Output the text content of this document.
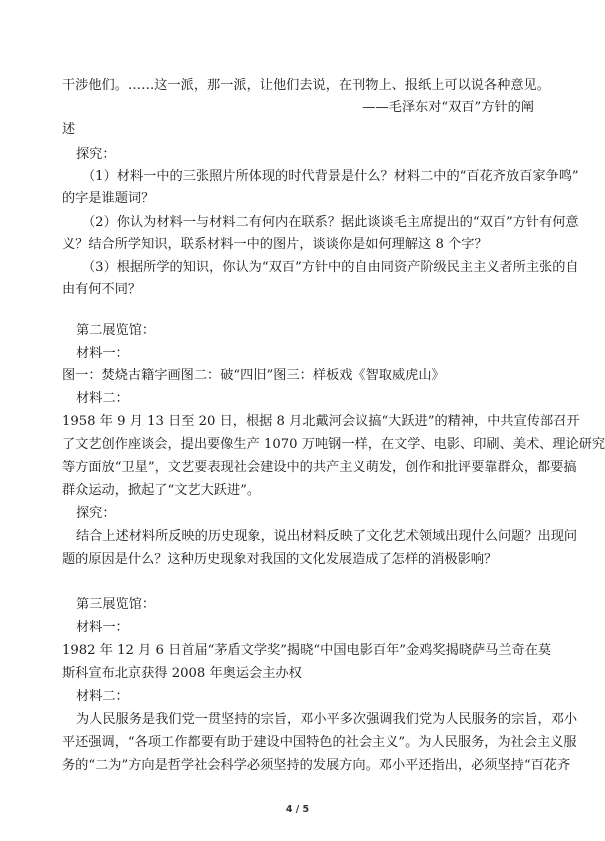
干涉他们。……这一派，那一派，让他们去说，在刊物上、报纸上可以说各种意见。
——毛泽东对“双百”方针的阐
述
探究：
（1）材料一中的三张照片所体现的时代背景是什么？材料二中的“百花齐放百家争鸣”
的字是谁题词？
（2）你认为材料一与材料二有何内在联系？据此谈谈毛主席提出的“双百”方针有何意
义？结合所学知识，联系材料一中的图片，谈谈你是如何理解这 8 个字？
（3）根据所学的知识，你认为“双百”方针中的自由同资产阶级民主主义者所主张的自
由有何不同？
第二展览馆：
材料一：
图一：焚烧古籍字画图二：破“四旧”图三：样板戏《智取威虎山》
材料二：
1958 年 9 月 13 日至 20 日，根据 8 月北戴河会议搞“大跃进”的精神，中共宣传部召开
了文艺创作座谈会，提出要像生产 1070 万吨钢一样，在文学、电影、印刷、美术、理论研究
等方面放“卫星”，文艺要表现社会建设中的共产主义萌发，创作和批评要靠群众，都要搞
群众运动，掀起了“文艺大跃进”。
探究：
结合上述材料所反映的历史现象，说出材料反映了文化艺术领域出现什么问题？出现问
题的原因是什么？这种历史现象对我国的文化发展造成了怎样的消极影响？
第三展览馆：
材料一：
1982 年 12 月 6 日首届“茅盾文学奖”揭晓“中国电影百年”金鸡奖揭晓萨马兰奇在莫
斯科宣布北京获得 2008 年奥运会主办权
材料二：
为人民服务是我们党一贯坚持的宗旨，邓小平多次强调我们党为人民服务的宗旨，邓小
平还强调，“各项工作都要有助于建设中国特色的社会主义”。为人民服务，为社会主义服
务的“二为”方向是哲学社会科学必须坚持的发展方向。邓小平还指出，必须坚持“百花齐
4 / 5
